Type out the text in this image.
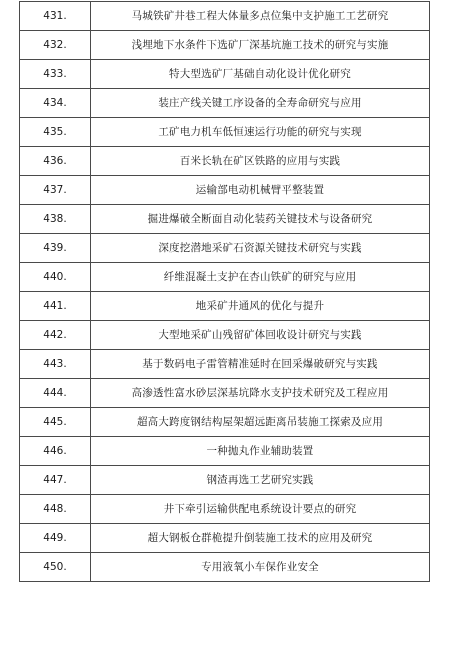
431.	马城铁矿井巷工程大体量多点位集中支护施工工艺研究
432.	浅埋地下水条件下选矿厂深基坑施工技术的研究与实施
433.	特大型选矿厂基础自动化设计优化研究
434.	装庄产线关键工序设备的全寿命研究与应用
435.	工矿电力机车低恒速运行功能的研究与实现
436.	百米长轨在矿区铁路的应用与实践
437.	运输部电动机械臂平整装置
438.	掘进爆破全断面自动化装药关键技术与设备研究
439.	深度挖潜地采矿石资源关键技术研究与实践
440.	纤维混凝土支护在杏山铁矿的研究与应用
441.	地采矿井通风的优化与提升
442.	大型地采矿山残留矿体回收设计研究与实践
443.	基于数码电子雷管精准延时在回采爆破研究与实践
444.	高渗透性富水砂层深基坑降水支护技术研究及工程应用
445.	超高大跨度钢结构屋架超远距离吊装施工探索及应用
446.	一种抛丸作业辅助装置
447.	钢渣再选工艺研究实践
448.	井下牵引运输供配电系统设计要点的研究
449.	超大钢板仓群桅提升倒装施工技术的应用及研究
450.	专用液氧小车保作业安全
